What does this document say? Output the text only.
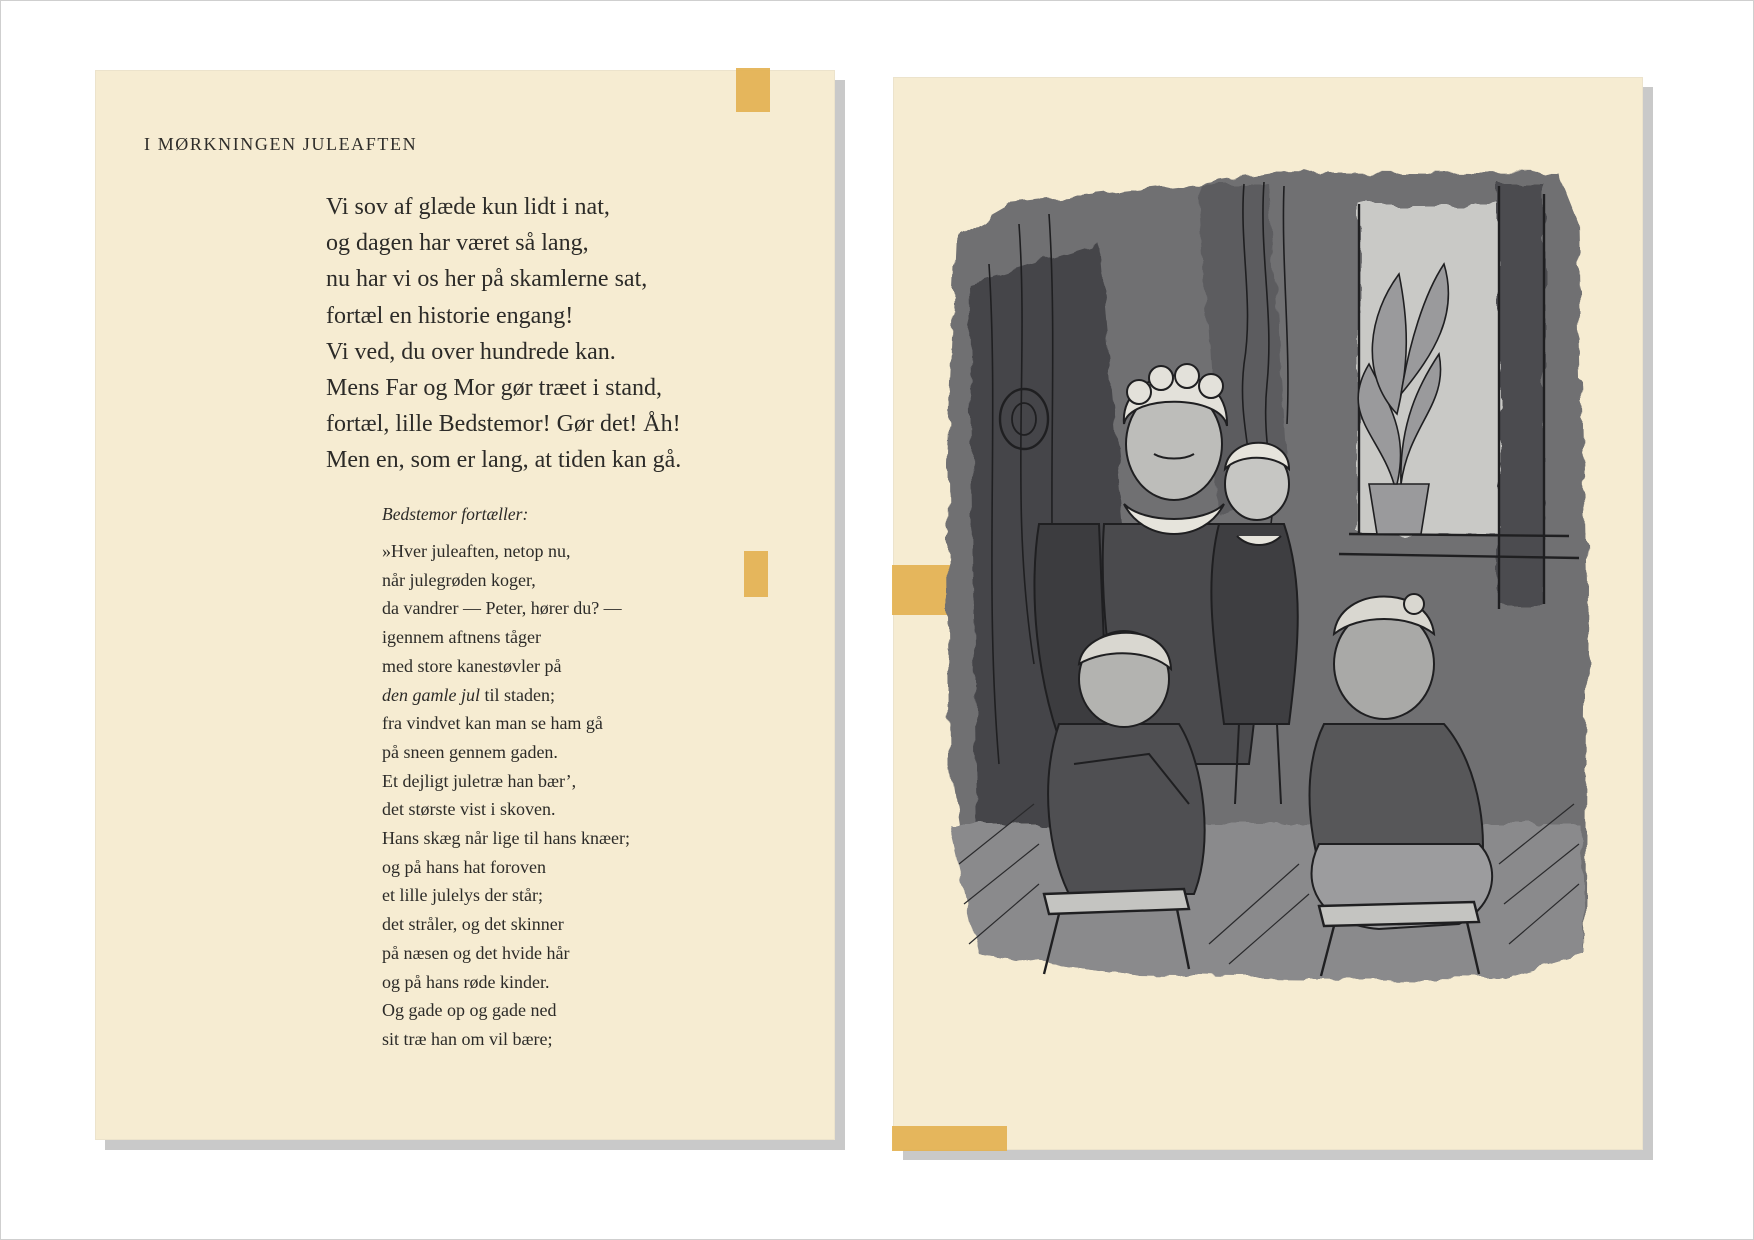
I MØRKNINGEN JULEAFTEN
Vi sov af glæde kun lidt i nat,
og dagen har været så lang,
nu har vi os her på skamlerne sat,
fortæl en historie engang!
Vi ved, du over hundrede kan.
Mens Far og Mor gør træet i stand,
fortæl, lille Bedstemor! Gør det! Åh!
Men en, som er lang, at tiden kan gå.
Bedstemor fortæller:
»Hver juleaften, netop nu,
når julegrøden koger,
da vandrer — Peter, hører du? —
igennem aftnens tåger
med store kanestøvler på
den gamle jul til staden;
fra vindvet kan man se ham gå
på sneen gennem gaden.
Et dejligt juletræ han bær’,
det største vist i skoven.
Hans skæg når lige til hans knæer;
og på hans hat foroven
et lille julelys der står;
det stråler, og det skinner
på næsen og det hvide hår
og på hans røde kinder.
Og gade op og gade ned
sit træ han om vil bære;
